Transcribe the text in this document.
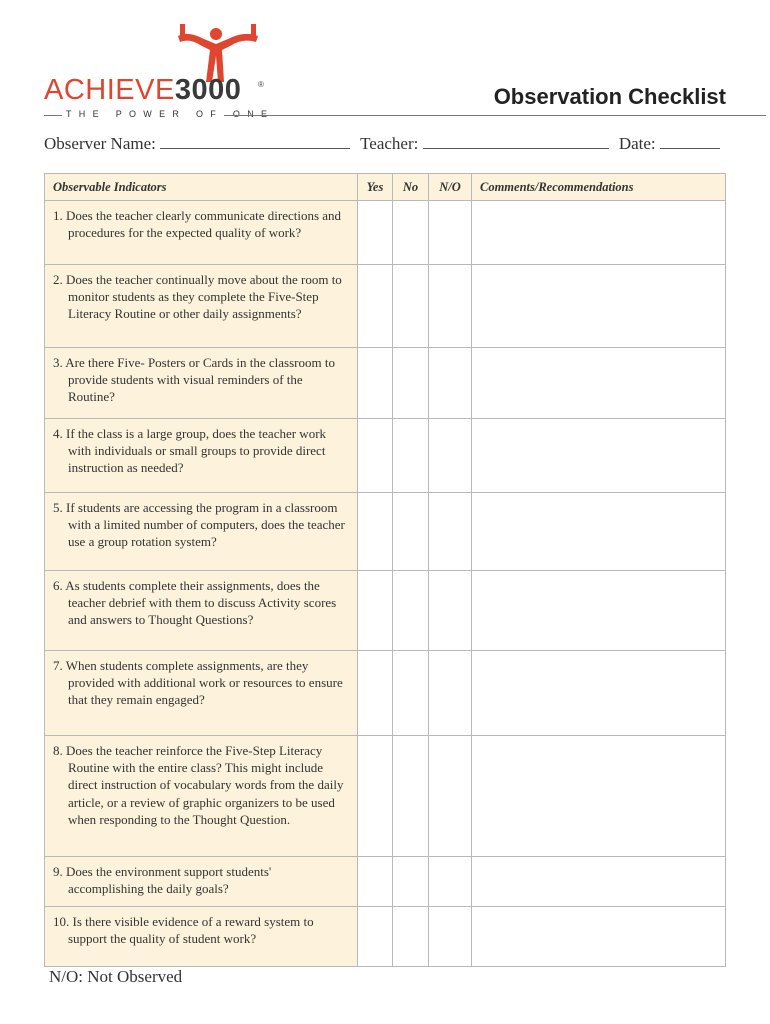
ACHIEVE3000 ®
THE POWER OF ONE
Observation Checklist
Observer Name:	Teacher:	Date:
Observable Indicators	Yes	No	N/O	Comments/Recommendations

1. Does the teacher clearly communicate directions and procedures for the expected quality of work?				

2. Does the teacher continually move about the room to monitor students as they complete the Five-Step Literacy Routine or other daily assignments?				

3. Are there Five- Posters or Cards in the classroom to provide students with visual reminders of the Routine?				

4. If the class is a large group, does the teacher work with individuals or small groups to provide direct instruction as needed?				

5. If students are accessing the program in a classroom with a limited number of computers, does the teacher use a group rotation system?				

6. As students complete their assignments, does the teacher debrief with them to discuss Activity scores and answers to Thought Questions?				

7. When students complete assignments, are they provided with additional work or resources to ensure that they remain engaged?				

8. Does the teacher reinforce the Five-Step Literacy Routine with the entire class? This might include direct instruction of vocabulary words from the daily article, or a review of graphic organizers to be used when responding to the Thought Question.				

9. Does the environment support students' accomplishing the daily goals?				

10. Is there visible evidence of a reward system to support the quality of student work?				

N/O: Not Observed
